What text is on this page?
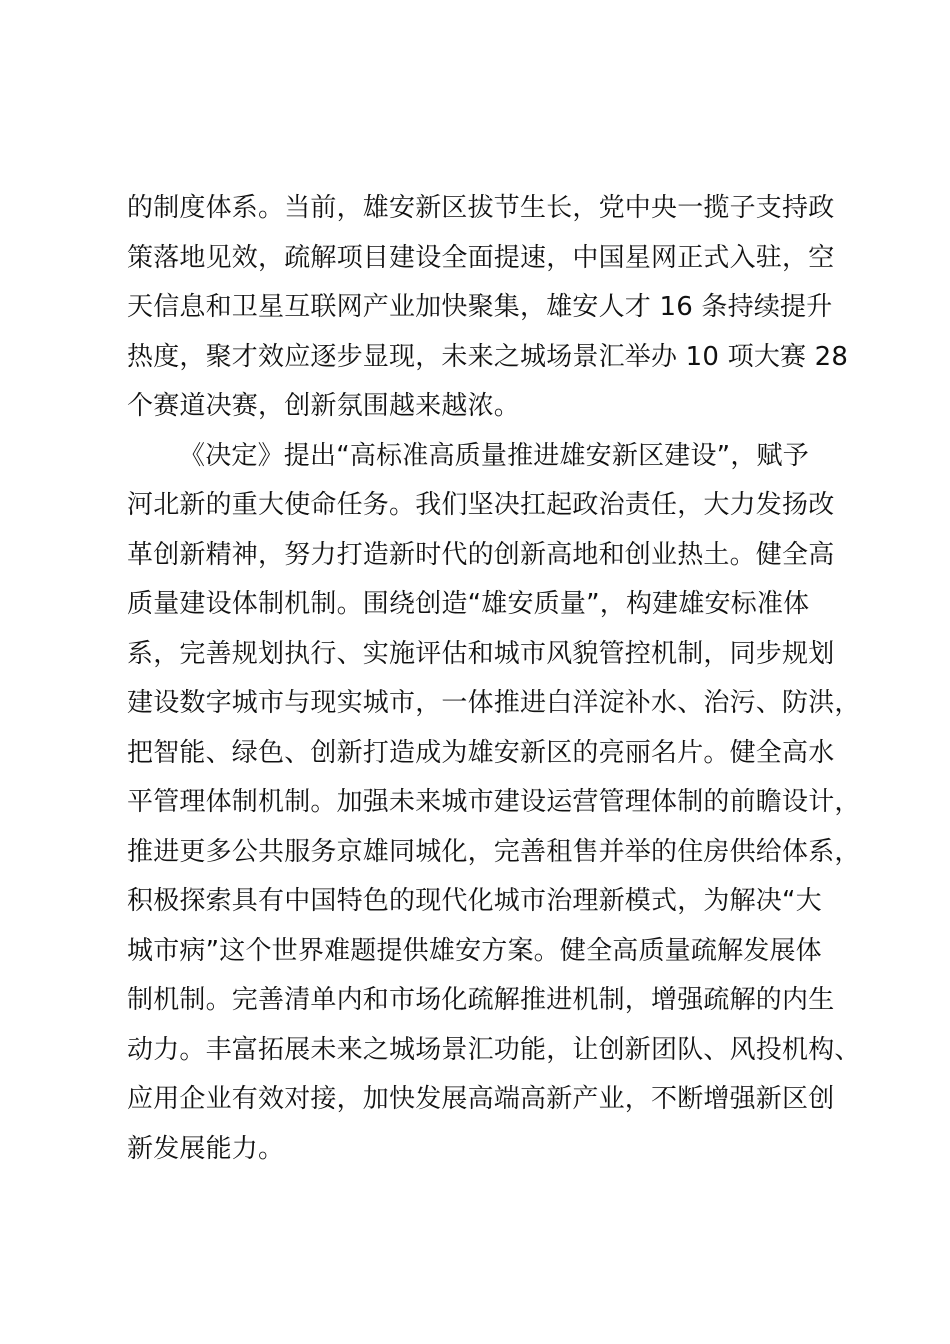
的制度体系。当前，雄安新区拔节生长，党中央一揽子支持政
策落地见效，疏解项目建设全面提速，中国星网正式入驻，空
天信息和卫星互联网产业加快聚集，雄安人才 16 条持续提升
热度，聚才效应逐步显现，未来之城场景汇举办 10 项大赛 28
个赛道决赛，创新氛围越来越浓。
《决定》提出“高标准高质量推进雄安新区建设”，赋予
河北新的重大使命任务。我们坚决扛起政治责任，大力发扬改
革创新精神，努力打造新时代的创新高地和创业热土。健全高
质量建设体制机制。围绕创造“雄安质量”，构建雄安标准体
系，完善规划执行、实施评估和城市风貌管控机制，同步规划
建设数字城市与现实城市，一体推进白洋淀补水、治污、防洪，
把智能、绿色、创新打造成为雄安新区的亮丽名片。健全高水
平管理体制机制。加强未来城市建设运营管理体制的前瞻设计，
推进更多公共服务京雄同城化，完善租售并举的住房供给体系，
积极探索具有中国特色的现代化城市治理新模式，为解决“大
城市病”这个世界难题提供雄安方案。健全高质量疏解发展体
制机制。完善清单内和市场化疏解推进机制，增强疏解的内生
动力。丰富拓展未来之城场景汇功能，让创新团队、风投机构、
应用企业有效对接，加快发展高端高新产业，不断增强新区创
新发展能力。
